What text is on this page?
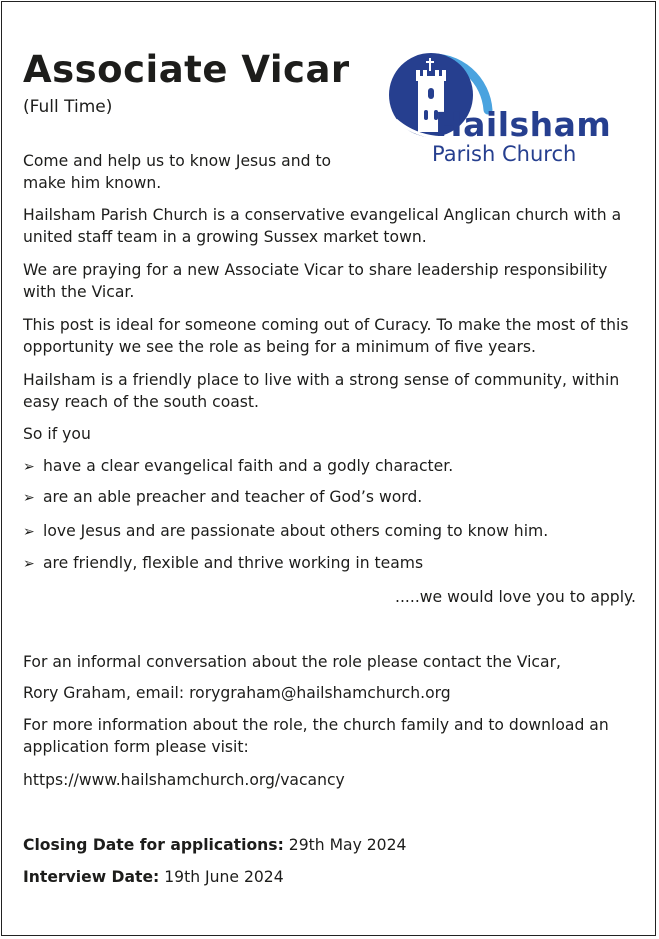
Associate Vicar
(Full Time)	Hailsham
Parish Church

Come and help us to know Jesus and to make him known.

Hailsham Parish Church is a conservative evangelical Anglican church with a united staff team in a growing Sussex market town.

We are praying for a new Associate Vicar to share leadership responsibility with the Vicar.

This post is ideal for someone coming out of Curacy. To make the most of this opportunity we see the role as being for a minimum of five years.

Hailsham is a friendly place to live with a strong sense of community, within easy reach of the south coast.

So if you

➢ have a clear evangelical faith and a godly character.
➢ are an able preacher and teacher of God’s word.
➢ love Jesus and are passionate about others coming to know him.
➢ are friendly, flexible and thrive working in teams
.....we would love you to apply.

For an informal conversation about the role please contact the Vicar,

Rory Graham, email: rorygraham@hailshamchurch.org

For more information about the role, the church family and to download an application form please visit:

https://www.hailshamchurch.org/vacancy

Closing Date for applications: 29th May 2024

Interview Date: 19th June 2024
